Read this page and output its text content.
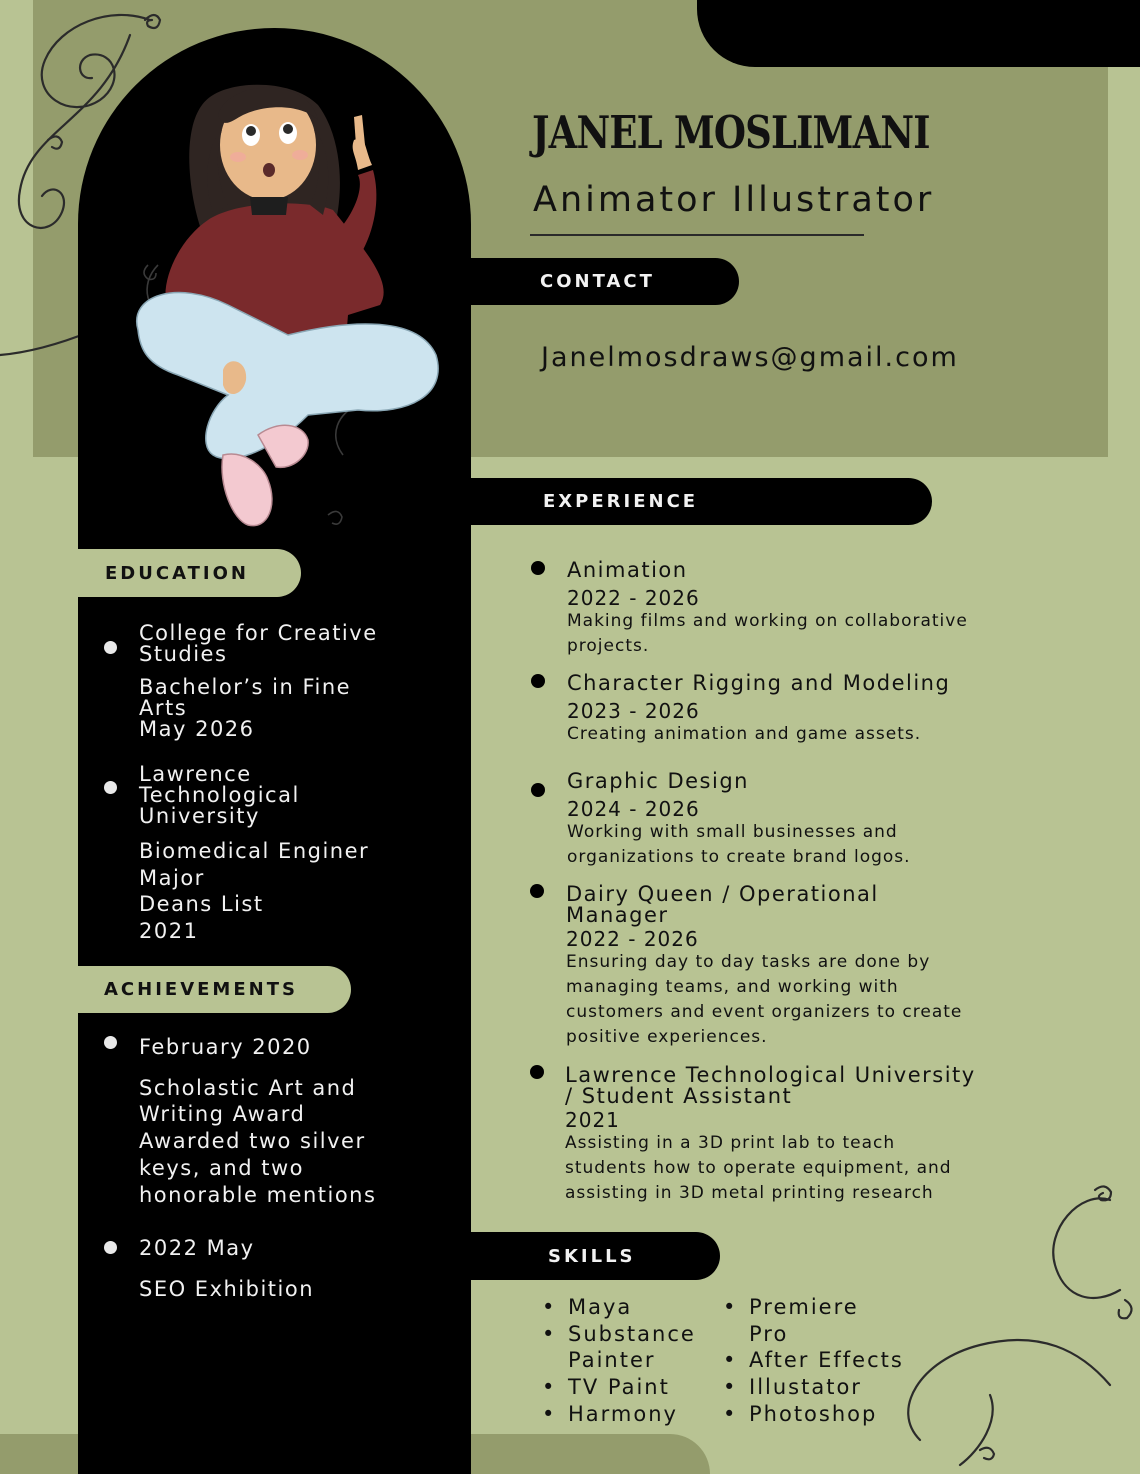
JANEL MOSLIMANI
Animator Illustrator
CONTACT
Janelmosdraws@gmail.com
EXPERIENCE
EDUCATION
College for Creative
Studies
Bachelor’s in Fine
Arts
May 2026
Lawrence
Technological
University
Biomedical Enginer
Major
Deans List
2021
ACHIEVEMENTS
February 2020
Scholastic Art and
Writing Award
Awarded two silver
keys, and two
honorable mentions
2022 May
SEO Exhibition
Animation
2022 - 2026
Making films and working on collaborative
projects.
Character Rigging and Modeling
2023 - 2026
Creating animation and game assets.
Graphic Design
2024 - 2026
Working with small businesses and
organizations to create brand logos.
Dairy Queen / Operational
Manager
2022 - 2026
Ensuring day to day tasks are done by
managing teams, and working with
customers and event organizers to create
positive experiences.
Lawrence Technological University
/ Student Assistant
2021
Assisting in a 3D print lab to teach
students how to operate equipment, and
assisting in 3D metal printing research
SKILLS
• Maya
• Substance
Painter
• TV Paint
• Harmony
• Premiere
Pro
• After Effects
• Illustator
• Photoshop
